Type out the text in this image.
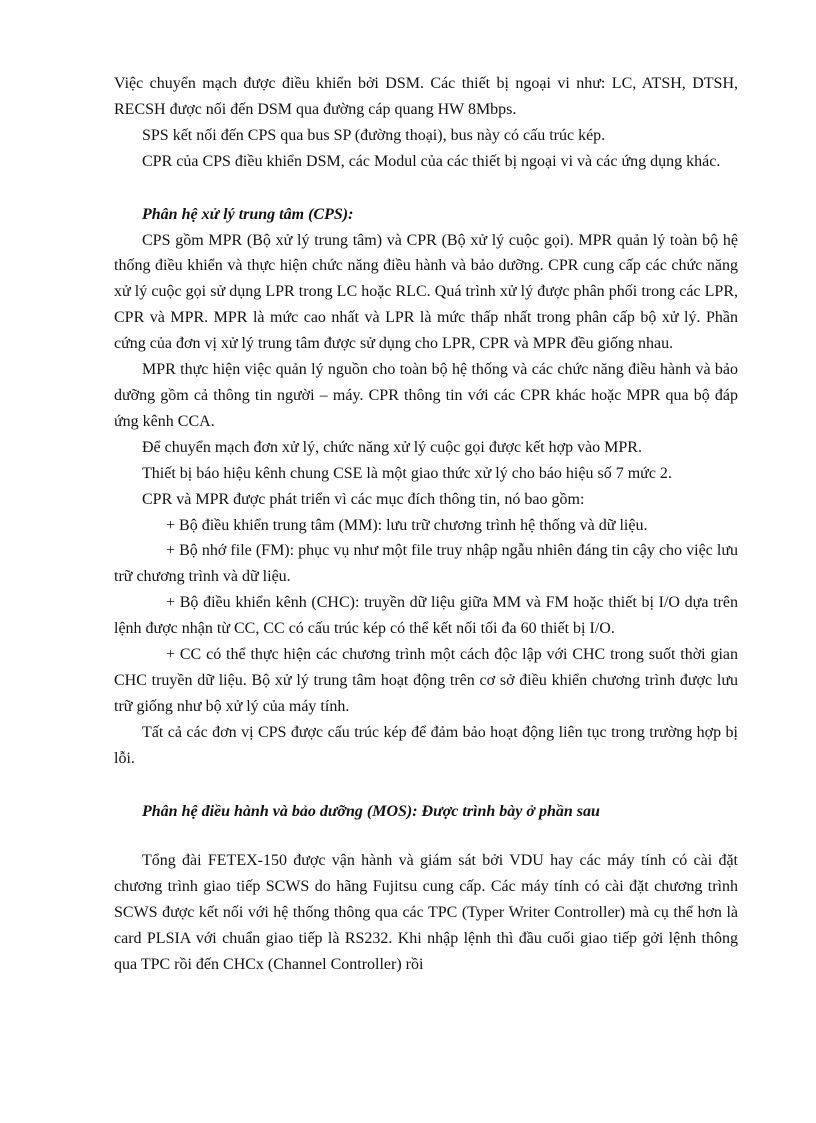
Việc chuyển mạch được điều khiển bởi DSM. Các thiết bị ngoại vi như: LC, ATSH, DTSH, RECSH được nối đến DSM qua đường cáp quang HW 8Mbps.

SPS kết nối đến CPS qua bus SP (đường thoại), bus này có cấu trúc kép.

CPR của CPS điều khiển DSM, các Modul của các thiết bị ngoại vi và các ứng dụng khác.

Phân hệ xử lý trung tâm (CPS):

CPS gồm MPR (Bộ xử lý trung tâm) và CPR (Bộ xử lý cuộc gọi). MPR quản lý toàn bộ hệ thống điều khiển và thực hiện chức năng điều hành và bảo dưỡng. CPR cung cấp các chức năng xử lý cuộc gọi sử dụng LPR trong LC hoặc RLC. Quá trình xử lý được phân phối trong các LPR, CPR và MPR. MPR là mức cao nhất và LPR là mức thấp nhất trong phân cấp bộ xử lý. Phần cứng của đơn vị xử lý trung tâm được sử dụng cho LPR, CPR và MPR đều giống nhau.

MPR thực hiện việc quản lý nguồn cho toàn bộ hệ thống và các chức năng điều hành và bảo dưỡng gồm cả thông tin người – máy. CPR thông tin với các CPR khác hoặc MPR qua bộ đáp ứng kênh CCA.

Để chuyển mạch đơn xử lý, chức năng xử lý cuộc gọi được kết hợp vào MPR.

Thiết bị báo hiệu kênh chung CSE là một giao thức xử lý cho báo hiệu số 7 mức 2.

CPR và MPR được phát triển vì các mục đích thông tin, nó bao gồm:

+ Bộ điều khiển trung tâm (MM): lưu trữ chương trình hệ thống và dữ liệu.

+ Bộ nhớ file (FM): phục vụ như một file truy nhập ngẫu nhiên đáng tin cậy cho việc lưu trữ chương trình và dữ liệu.

+ Bộ điều khiển kênh (CHC): truyền dữ liệu giữa MM và FM hoặc thiết bị I/O dựa trên lệnh được nhận từ CC, CC có cấu trúc kép có thể kết nối tối đa 60 thiết bị I/O.

+ CC có thể thực hiện các chương trình một cách độc lập với CHC trong suốt thời gian CHC truyền dữ liệu. Bộ xử lý trung tâm hoạt động trên cơ sở điều khiển chương trình được lưu trữ giống như bộ xử lý của máy tính.

Tất cả các đơn vị CPS được cấu trúc kép để đảm bảo hoạt động liên tục trong trường hợp bị lỗi.

Phân hệ điều hành và bảo dưỡng (MOS): Được trình bày ở phần sau

Tổng đài FETEX-150 được vận hành và giám sát bởi VDU hay các máy tính có cài đặt chương trình giao tiếp SCWS do hãng Fujitsu cung cấp. Các máy tính có cài đặt chương trình SCWS được kết nối với hệ thống thông qua các TPC (Typer Writer Controller) mà cụ thể hơn là card PLSIA với chuẩn giao tiếp là RS232. Khi nhập lệnh thì đầu cuối giao tiếp gởi lệnh thông qua TPC rồi đến CHCx (Channel Controller) rồi
